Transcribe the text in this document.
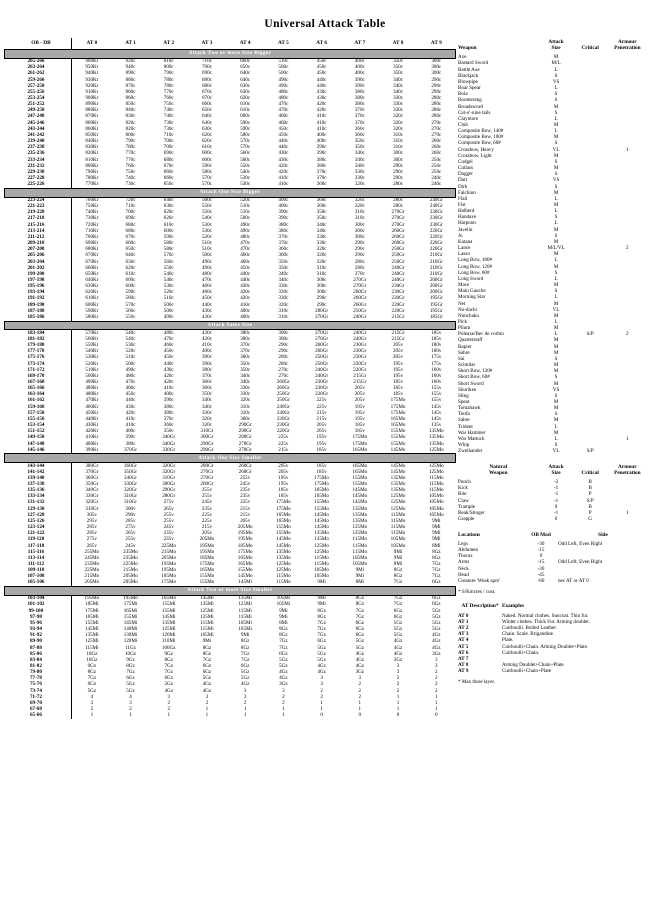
Universal Attack Table
OB - DB	AT 0	AT 1	AT 2	AT 3	AT 4	AT 5	AT 6	AT 7	AT 8	AT 9
Attack Two or more Size Bigger										
265-266	960Kr	920c	810c	710c	660c	510c	450c	400c	350c	300c
263-264	950Kr	940c	800c	700c	650c	500c	450c	400c	350c	300c
261-262	940Kr	890c	790c	690c	640c	500c	450c	400c	350c	300c
259-260	930Kr	880c	780c	680c	640c	490c	440c	390c	340c	290c
257-258	920Kr	870c	780c	680c	630c	490c	440c	390c	340c	290c
255-256	910Kr	860c	770c	670c	630c	480c	430c	380c	340c	290c
253-254	900Kr	860c	760c	670c	620c	480c	430c	380c	330c	280c
251-252	890Kr	850c	750c	660c	610c	470c	420c	380c	330c	280c
249-250	880Kr	840c	740c	650c	610c	470c	420c	370c	330c	280c
247-248	870Kr	830c	740c	640c	600c	460c	410c	370c	320c	280c
245-246	860Kr	820c	730c	640c	590c	460c	410c	370c	320c	270c
243-244	860Kr	820c	730c	630c	590c	450c	410c	360c	320c	270c
241-242	850Kr	800c	710c	620c	580c	450c	400c	360c	310c	270c
239-240	840Kr	790c	700c	620c	570c	440c	400c	350c	310c	260c
237-238	830Kr	780c	700c	610c	570c	440c	390c	350c	310c	260c
235-236	820Kr	770c	690c	600c	560c	430c	390c	340c	300c	260c
233-234	810Kr	770c	680c	600c	560c	430c	380c	340c	300c	250c
231-232	800Kr	760c	670c	590c	550c	420c	380c	340c	290c	250c
229-230	790Kr	750c	660c	580c	540c	420c	370c	330c	290c	250c
227-228	780Kr	740c	660c	570c	530c	410c	370c	330c	290c	240c
225-226	770Kr	730c	650c	570c	530c	410c	360c	320c	280c	240c
Attack One Size Bigger										
223-224	760Kr	720c	640c	560c	520c	400c	360c	320c	280c	240Gr
221-222	750Kr	710c	630c	550c	510c	400c	360c	320c	280c	240Gr
219-220	740Kr	700c	620c	550c	510c	390c	350c	310c	270Gr	230Gr
217-218	730Kr	690c	620c	540c	500c	390c	350c	310c	270Gr	230Gr
215-216	720Kr	680c	610c	530c	490c	380c	340c	300c	270Gr	230Gr
213-214	710Kr	680c	600c	530c	490c	380c	340c	300c	260Gr	220Gr
211-212	700Kr	670c	590c	520c	480c	370c	330c	300c	260Gr	220Gr
209-210	690Kr	660c	580c	510c	470c	370c	330c	290c	260Gr	220Gr
207-208	680Kr	650c	580c	510c	470c	360c	320c	290c	250Gr	220Gr
205-206	670Kr	640c	570c	500c	460c	360c	320c	290c	250Gr	210Gr
203-204	670Kr	630c	560c	490c	460c	350c	320c	280c	250Gr	210Gr
201-202	660Kr	620c	550c	490c	450c	350c	310c	280c	240Gr	210Gr
199-200	650Kr	610c	540c	480c	440c	340c	310c	270c	240Gr	210Gr
197-198	640Kr	600c	540c	470c	440c	340c	300c	270Gr	240Gr	200Gr
195-196	630Kr	600c	530c	460c	430c	330c	300c	270Gr	230Gr	200Gr
193-194	620Kr	590c	520c	460c	420c	330c	300c	260Gr	230Gr	200Gr
191-192	610Kr	580c	510c	450c	420c	330c	290c	260Gr	230Gr	195Gr
189-190	600Kr	570c	500c	440c	410c	320c	290c	260Gr	220Gr	195Gr
187-188	590Kr	560c	500c	430c	400c	310c	280Gr	250Gr	220Gr	195Gr
185-186	580Kr	550c	490c	430c	400c	310c	270Gr	240Gr	215Gr	185Gr
Attack Same Size										
183-184	570Kr	540c	480c	430c	380c	300c	270Gr	240Gr	215Gr	185v
181-182	560Kr	540c	470c	420c	380c	300c	270Gr	240Gr	215Gr	185v
179-180	550Kr	530c	460c	410c	370c	290c	260Gr	230Gr	205v	180v
177-178	540Kr	520c	450c	400c	370c	290c	260Gr	230Gr	205v	180v
175-176	530Kr	510c	450c	390c	360c	280c	250Gr	230Gr	205v	175v
173-174	520Kr	500c	440c	390c	350c	280c	250Gr	220Gr	195v	175v
171-172	510Kr	490c	430c	380c	350c	270c	240Gr	220Gr	195v	160v
169-170	500Kr	480c	420c	370c	340c	270c	240Gr	215Gr	195v	160v
167-168	490Kr	470c	420c	360c	340c	260Gr	230Gr	215Gr	185v	160v
165-166	480Kr	460c	410c	360c	330c	260Gr	230Gr	205v	185v	155v
163-164	480Kr	450c	400c	350c	330c	250Gr	220Gr	205v	185v	155v
161-162	470Kr	440c	390c	340c	320c	250Gr	225v	205v	175Mo	155v
159-160	460Kr	430c	380c	340c	310c	240Gr	225v	195v	175Mo	145v
157-158	450Kr	420c	380c	330c	310c	240Gr	215v	195v	175Mo	145v
155-156	440Kr	410c	370c	320c	300c	230Gr	215v	195v	165Mo	145v
153-154	430Kr	410c	360c	320c	290Gr	230Gr	205v	185v	165Mo	135v
151-152	420Kr	400c	350c	310Gr	290Gr	220Gr	205v	185v	155Mo	135Mo
149-150	410Kr	390c	340Gr	300Gr	280Gr	225v	195v	175Mo	155Mo	135Mo
147-148	400Kr	380c	340Gr	290Gr	270Gr	225v	195v	175Mo	155Mo	135Mo
145-146	390Kr	370Gr	330Gr	290Gr	270Gr	215v	185v	165Mo	145Mo	125Mo
Attack One Size Smaller										
143-144	380Gr	360Gr	320Gr	280Gr	260Gr	205v	185v	165Mo	145Mo	125Mo
141-142	370Gr	350Gr	320Gr	270Gr	260Gr	205v	185v	165Mo	145Mo	125Mo
139-140	360Gr	340Gr	310Gr	270Gr	255v	195v	175Mo	155Mo	135Mo	115Mo
137-138	350Gr	330Gr	300Gr	260Gr	245v	195v	175Mo	155Mo	135Mo	115Mo
135-136	340Gr	320Gr	290Gr	255v	235v	185v	165Mo	145Mo	135Mo	115Mo
133-134	330Gr	310Gr	280Gr	255v	235v	185v	165Mo	145Mo	125Mo	105Mo
131-132	320Gr	310Gr	275v	245v	225v	175Mo	155Mo	145Mo	125Mo	105Mo
129-130	310Gr	300v	265v	235v	215v	175Mo	155Mo	135Mo	125Mo	105Mo
127-128	305v	290v	255v	225v	215v	165Mo	145Mo	135Mo	115Mo	105Mo
125-126	295v	285v	255v	225v	205v	165Mo	145Mo	135Mo	115Mo	9Mi
123-124	285v	275v	245v	215v	205Mo	155Mo	145Mo	125Mo	115Mo	9Mi
121-122	285v	265v	235v	205v	195Mo	155Mo	135Mo	125Mo	115Mo	9Mi
119-120	275v	255v	235v	205Mo	195Mo	145Mo	135Mo	115Mo	105Mo	9Mi
117-118	265v	245v	225Mo	195Mo	185Mo	145Mo	125Mo	115Mo	105Mo	8Mi
115-116	255Mo	235Mo	215Mo	195Mo	175Mo	135Mo	125Mo	115Mo	9Mi	8Gz
113-114	245Mo	235Mo	205Mo	185Mo	165Mo	135Mo	115Mo	105Mo	9Mi	8Gz
111-112	235Mo	225Mo	195Mo	175Mo	165Mo	125Mo	115Mo	105Mo	8Mi	7Gz
109-110	225Mo	215Mo	195Mo	165Mo	155Mo	125Mo	105Mo	9Mi	8Gz	7Gz
107-108	215Mo	205Mo	185Mo	155Mo	145Mo	115Mo	105Mo	9Mi	8Gz	7Gz
105-106	205Mo	205Mo	175Mo	155Mo	145Mi	115Mo	9Mi	8Mi	7Gz	6Gz
Attack Two or more Size Smaller										
103-104	195Mo	195Mo	165Mo	145Mi	135Mi	105Mi	9Mi	8Gz	7Gz	6Gz
101-102	185Mi	175Mi	155Mi	135Mi	125Mi	105Mi	9Mi	8Gz	7Gz	6Gz
99-100	175Mi	165Mi	155Mi	125Mi	115Mi	9Mi	8Gz	7Gz	6Gz	5Gz
97-98	165Mi	155Mi	145Mi	125Mi	115Mi	9Mi	8Gz	7Gz	6Gz	5Gz
95-96	155Mi	145Mi	135Mi	115Mi	105Mi	8Mi	7Gz	6Gz	5Gz	5Gz
93-94	145Mi	140Mi	125Mi	115Mi	105Mi	8Gz	7Gz	6Gz	5Gz	5Gz
91-92	135Mi	130Mi	120Mi	105Mi	9Mi	8Gz	7Gz	6Gz	5Gz	4Gz
89-90	125Mi	120Mi	110Mi	9Mi	8Gz	7Gz	6Gz	5Gz	4Gz	4Gz
87-88	115Mi	11Gz	100Gz	8Gz	8Gz	7Gz	5Gz	5Gz	4Gz	4Gz
85-86	10Gz	10Gz	9Gz	8Gz	7Gz	6Gz	5Gz	4Gz	4Gz	3Gz
83-84	10Gz	9Gz	8Gz	7Gz	7Gz	5Gz	5Gz	4Gz	3Gz	3
81-82	9Gz	8Gz	7Gz	6Gz	6Gz	5Gz	4Gz	4Gz	3	3
79-80	8Gz	7Gz	7Gz	6Gz	5Gz	4Gz	4Gz	3Gz	3	2
77-78	7Gz	6Gz	6Gz	5Gz	5Gz	4Gz	3	3	2	2
75-76	6Gz	5Gz	5Gz	4Gz	4Gz	3Gz	3	2	2	2
73-74	5Gz	5Gz	4Gz	4Gz	3	3	2	2	2	2
71-72	4	4	3	3	3	2	2	2	1	1
69-70	3	3	2	2	2	2	1	1	1	1
67-68	2	2	2	1	1	1	1	1	1	1
65-66	1	1	1	1	1	1	0	0	0	0
Weapon	
Attack
Size	Critical	
Armour
Penetration

Axe	M		
Bastard Sword	M/L		
Battle Axe	L		
Blackjack	S		
Blowpipe	VS		
Boar Spear	L		
Bola	S		
Boomerang	S		
Broadsword	M		
Cat-o'-nine tails	S		
Claymore	L		
Club	M		
Composite Bow, 140#	L		
Composite Bow, 100#	M		
Composite Bow, 60#	S		
Crossbow, Heavy	VL		1
Crossbow, Light	M		
Cudgel	S		
Cutlass	M		
Dagger	S		
Dart	VS		
Dirk	S		
Falchion	M		
Flail	L		
Fist	M		
Halberd	L		
Handaxe	S		
Harpoon	L		
Javelin	M		
Jo	S		
Katana	M		
Lance	M/L/VL		2
Lasso	M		
Long Bow, 180#	L		
Long Bow, 120#	M		
Long Bow, 60#	S		
Long Sword	L		
Mace	M		
Main Gauche	S		
Morning Star	L		
Net	M		
No-dachi	VL		
Nunchaku	M		
Pick	L		
Pilum	M		
Poleaxe/Bec de corbin	L	S/P	2
Quarterstaff	M		
Rapier	M		
Sabre	M		
Sai	S		
Scimitar	M		
Short Bow, 120#	M		
Short Bow, 60#	S		
Short Sword	M		
Shuriken	VS		
Sling	S		
Spear	M		
Tomahawk	M		
Tonfa	S		
Sabre	M		
Trident	L		
War Hammer	M		
War Mattock	L		1
Whip	S		
Zweihander	VL	S/P	

Natural
Weapon

Attack
Size	Critical	
Armour
Penetration

Punch	-2	B	
Kick	-1	B	
Bite	-1	P	
Claw	-1	S/P	
Trample	0	B	
Beak/Stinger	-1	P	1
Grapple	0	G	

Locations	OB Mod	Side
Legs	-30	Odd Left, Even Right
Abdomen	-15	
Thorax	0	
Arms	-15	Odd Left, Even Right
Neck	-30	
Head	-45	
Creature 'Weak spot'	-60	nec AT or AT 0
* S/Kmcres / cust.

AT Description*	Examples
AT 0	Naked. Normal clothes. Suncoat. Thin fur.
AT 1	Winter clothes. Thick Fur. Arming doublet.
AT 2	Cuirboulli. Boiled Leather.
AT 3	Chain. Scale. Brigandine.
AT 4	Plate.
AT 5	Cuirboulli+Chain. Arming Doublet+Plate.
AT 6	Cuirboulli+Chain.
AT 7	
AT 8	Arming Doublet+Chain+Plate
AT 9	Cuirboulli+Chain+Plate
* Max three layer.
